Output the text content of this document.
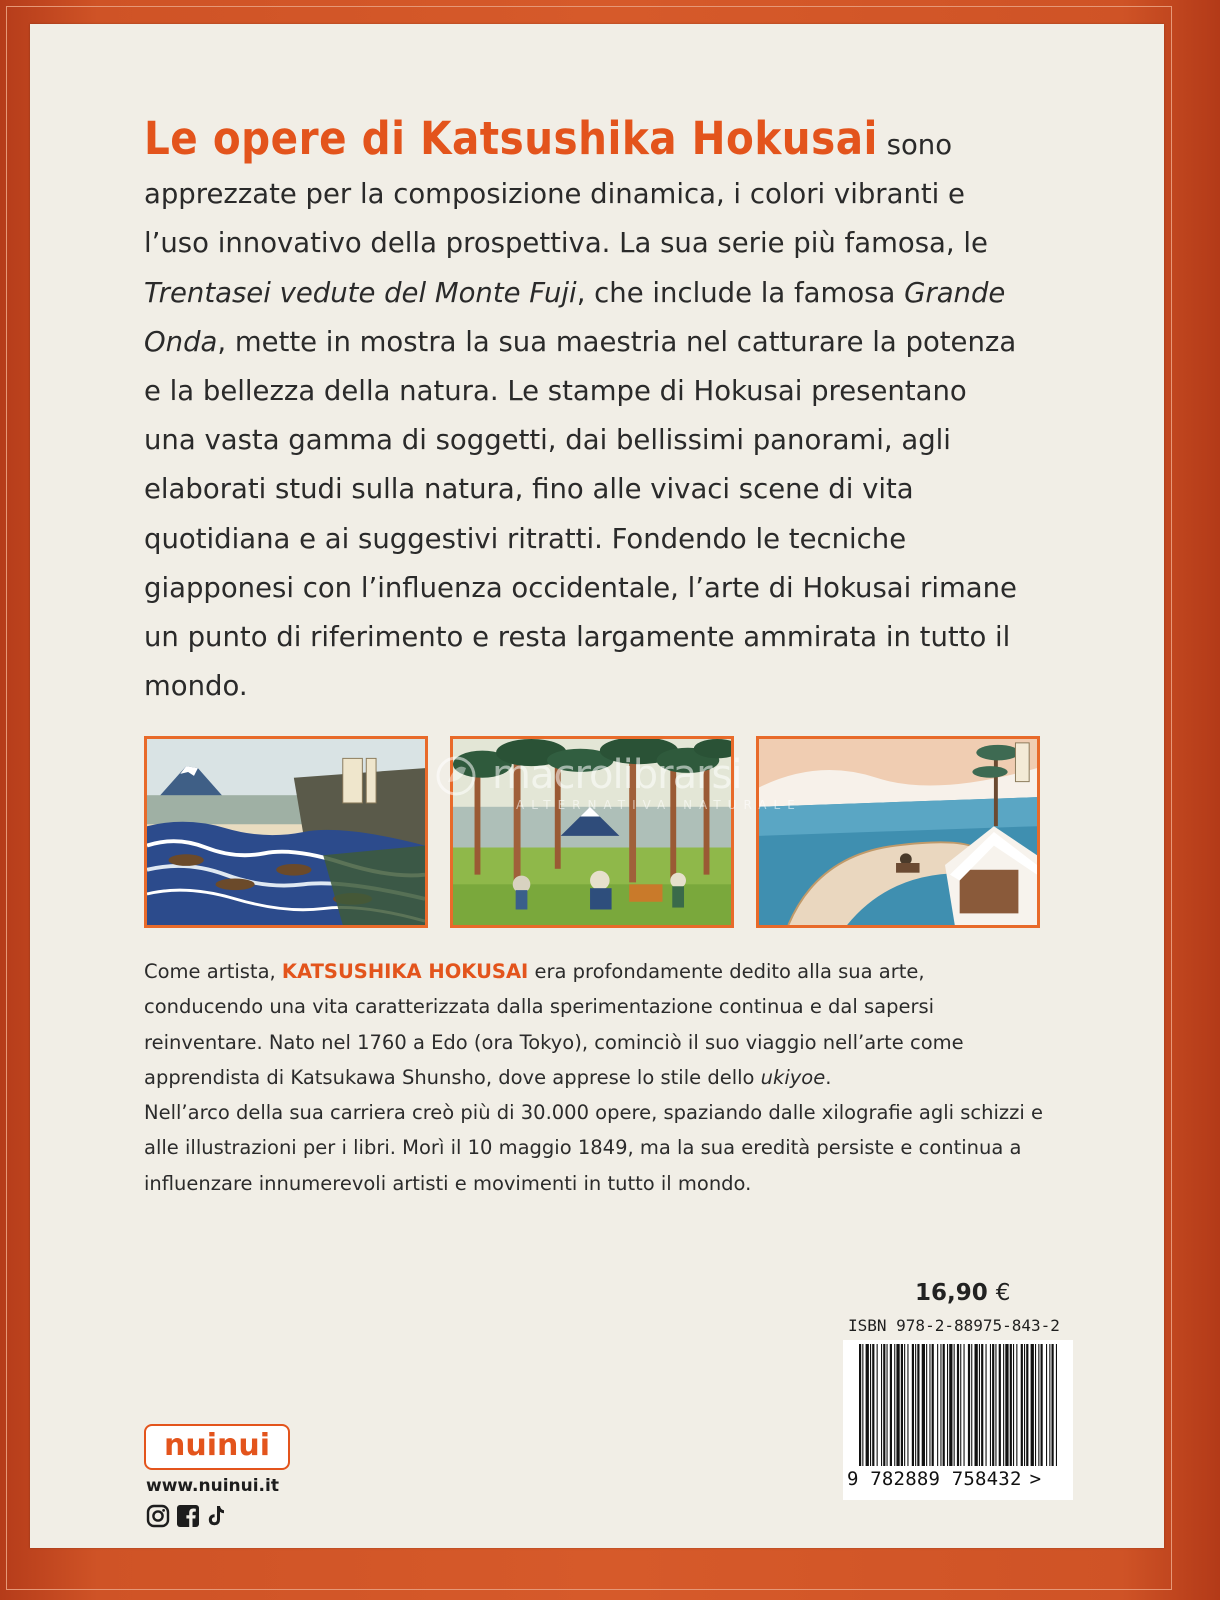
Le opere di Katsushika Hokusai sono apprezzate per la composizione dinamica, i colori vibranti e l’uso innovativo della prospettiva. La sua serie più famosa, le Trentasei vedute del Monte Fuji, che include la famosa Grande Onda, mette in mostra la sua maestria nel catturare la potenza e la bellezza della natura. Le stampe di Hokusai presentano una vasta gamma di soggetti, dai bellissimi panorami, agli elaborati studi sulla natura, fino alle vivaci scene di vita quotidiana e ai suggestivi ritratti. Fondendo le tecniche giapponesi con l’influenza occidentale, l’arte di Hokusai rimane un punto di riferimento e resta largamente ammirata in tutto il mondo.

macrolibrarsi
ALTERNATIVA NATURALE

Come artista, KATSUSHIKA HOKUSAI era profondamente dedito alla sua arte, conducendo una vita caratterizzata dalla sperimentazione continua e dal sapersi reinventare. Nato nel 1760 a Edo (ora Tokyo), cominciò il suo viaggio nell’arte come apprendista di Katsukawa Shunsho, dove apprese lo stile dello ukiyoe.
Nell’arco della sua carriera creò più di 30.000 opere, spaziando dalle xilografie agli schizzi e alle illustrazioni per i libri. Morì il 10 maggio 1849, ma la sua eredità persiste e continua a influenzare innumerevoli artisti e movimenti in tutto il mondo.

16,90 €
ISBN 978-2-88975-843-2
9 782889 758432 >
nuinui
www.nuinui.it
